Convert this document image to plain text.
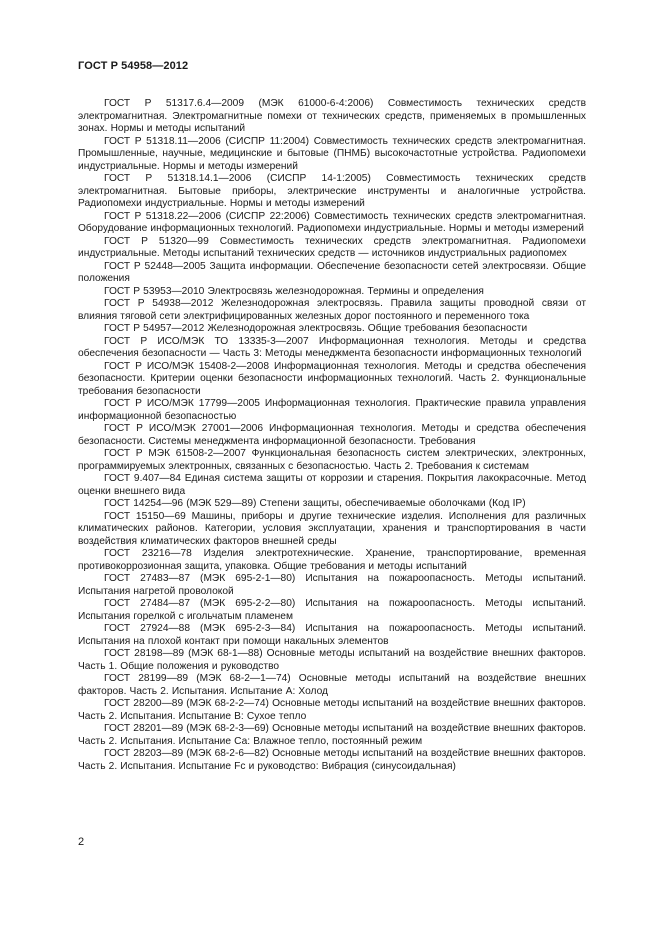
ГОСТ Р 54958—2012

ГОСТ Р 51317.6.4—2009 (МЭК 61000-6-4:2006) Совместимость технических средств электромагнитная. Электромагнитные помехи от технических средств, применяемых в промышленных зонах. Нормы и методы испытаний

ГОСТ Р 51318.11—2006 (СИСПР 11:2004) Совместимость технических средств электромагнитная. Промышленные, научные, медицинские и бытовые (ПНМБ) высокочастотные устройства. Радиопомехи индустриальные. Нормы и методы измерений

ГОСТ Р 51318.14.1—2006 (СИСПР 14-1:2005) Совместимость технических средств электромагнитная. Бытовые приборы, электрические инструменты и аналогичные устройства. Радиопомехи индустриальные. Нормы и методы измерений

ГОСТ Р 51318.22—2006 (СИСПР 22:2006) Совместимость технических средств электромагнитная. Оборудование информационных технологий. Радиопомехи индустриальные. Нормы и методы измерений

ГОСТ Р 51320—99 Совместимость технических средств электромагнитная. Радиопомехи индустриальные. Методы испытаний технических средств — источников индустриальных радиопомех

ГОСТ Р 52448—2005 Защита информации. Обеспечение безопасности сетей электросвязи. Общие положения

ГОСТ Р 53953—2010 Электросвязь железнодорожная. Термины и определения

ГОСТ Р 54938—2012 Железнодорожная электросвязь. Правила защиты проводной связи от влияния тяговой сети электрифицированных железных дорог постоянного и переменного тока

ГОСТ Р 54957—2012 Железнодорожная электросвязь. Общие требования безопасности

ГОСТ Р ИСО/МЭК ТО 13335-3—2007 Информационная технология. Методы и средства обеспечения безопасности — Часть 3: Методы менеджмента безопасности информационных технологий

ГОСТ Р ИСО/МЭК 15408-2—2008 Информационная технология. Методы и средства обеспечения безопасности. Критерии оценки безопасности информационных технологий. Часть 2. Функциональные требования безопасности

ГОСТ Р ИСО/МЭК 17799—2005 Информационная технология. Практические правила управления информационной безопасностью

ГОСТ Р ИСО/МЭК 27001—2006 Информационная технология. Методы и средства обеспечения безопасности. Системы менеджмента информационной безопасности. Требования

ГОСТ Р МЭК 61508-2—2007 Функциональная безопасность систем электрических, электронных, программируемых электронных, связанных с безопасностью. Часть 2. Требования к системам

ГОСТ 9.407—84 Единая система защиты от коррозии и старения. Покрытия лакокрасочные. Метод оценки внешнего вида

ГОСТ 14254—96 (МЭК 529—89) Степени защиты, обеспечиваемые оболочками (Код IP)

ГОСТ 15150—69 Машины, приборы и другие технические изделия. Исполнения для различных климатических районов. Категории, условия эксплуатации, хранения и транспортирования в части воздействия климатических факторов внешней среды

ГОСТ 23216—78 Изделия электротехнические. Хранение, транспортирование, временная противокоррозионная защита, упаковка. Общие требования и методы испытаний

ГОСТ 27483—87 (МЭК 695-2-1—80) Испытания на пожароопасность. Методы испытаний. Испытания нагретой проволокой

ГОСТ 27484—87 (МЭК 695-2-2—80) Испытания на пожароопасность. Методы испытаний. Испытания горелкой с игольчатым пламенем

ГОСТ 27924—88 (МЭК 695-2-3—84) Испытания на пожароопасность. Методы испытаний. Испытания на плохой контакт при помощи накальных элементов

ГОСТ 28198—89 (МЭК 68-1—88) Основные методы испытаний на воздействие внешних факторов. Часть 1. Общие положения и руководство

ГОСТ 28199—89 (МЭК 68-2—1—74) Основные методы испытаний на воздействие внешних факторов. Часть 2. Испытания. Испытание А: Холод

ГОСТ 28200—89 (МЭК 68-2-2—74) Основные методы испытаний на воздействие внешних факторов. Часть 2. Испытания. Испытание В: Сухое тепло

ГОСТ 28201—89 (МЭК 68-2-3—69) Основные методы испытаний на воздействие внешних факторов. Часть 2. Испытания. Испытание Са: Влажное тепло, постоянный режим

ГОСТ 28203—89 (МЭК 68-2-6—82) Основные методы испытаний на воздействие внешних факторов. Часть 2. Испытания. Испытание Fc и руководство: Вибрация (синусоидальная)

2
